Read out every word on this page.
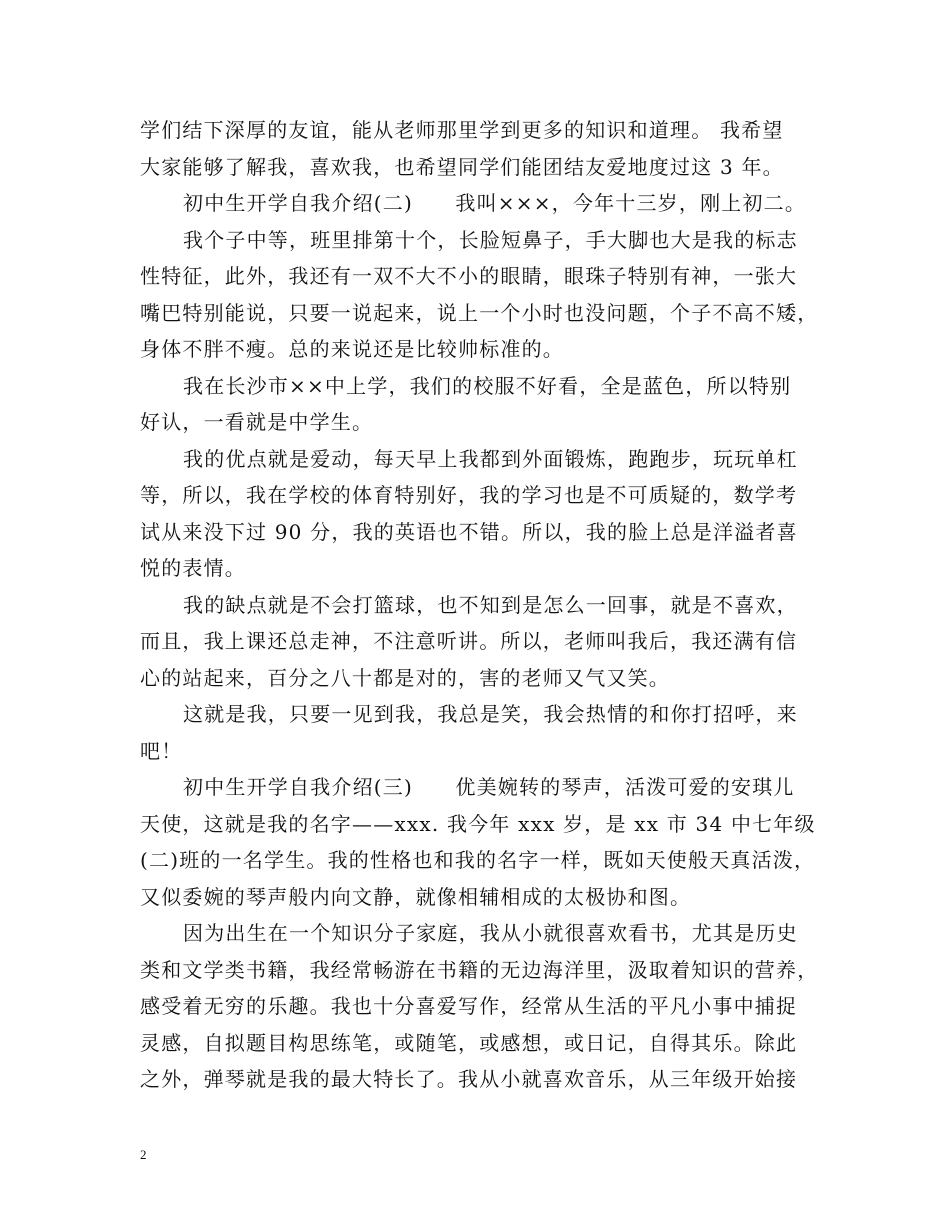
学们结下深厚的友谊，能从老师那里学到更多的知识和道理。 我希望
大家能够了解我，喜欢我，也希望同学们能团结友爱地度过这 3 年。
初中生开学自我介绍(二)　　我叫×××，今年十三岁，刚上初二。
我个子中等，班里排第十个，长脸短鼻子，手大脚也大是我的标志
性特征，此外，我还有一双不大不小的眼睛，眼珠子特别有神，一张大
嘴巴特别能说，只要一说起来，说上一个小时也没问题，个子不高不矮，
身体不胖不瘦。总的来说还是比较帅标准的。
我在长沙市××中上学，我们的校服不好看，全是蓝色，所以特别
好认，一看就是中学生。
我的优点就是爱动，每天早上我都到外面锻炼，跑跑步，玩玩单杠
等，所以，我在学校的体育特别好，我的学习也是不可质疑的，数学考
试从来没下过 90 分，我的英语也不错。所以，我的脸上总是洋溢者喜
悦的表情。
我的缺点就是不会打篮球，也不知到是怎么一回事，就是不喜欢，
而且，我上课还总走神，不注意听讲。所以，老师叫我后，我还满有信
心的站起来，百分之八十都是对的，害的老师又气又笑。
这就是我，只要一见到我，我总是笑，我会热情的和你打招呼，来
吧！
初中生开学自我介绍(三)　　优美婉转的琴声，活泼可爱的安琪儿
天使，这就是我的名字——xxx. 我今年 xxx 岁，是 xx 市 34 中七年级
(二)班的一名学生。我的性格也和我的名字一样，既如天使般天真活泼，
又似委婉的琴声般内向文静，就像相辅相成的太极协和图。
因为出生在一个知识分子家庭，我从小就很喜欢看书，尤其是历史
类和文学类书籍，我经常畅游在书籍的无边海洋里，汲取着知识的营养，
感受着无穷的乐趣。我也十分喜爱写作，经常从生活的平凡小事中捕捉
灵感，自拟题目构思练笔，或随笔，或感想，或日记，自得其乐。除此
之外，弹琴就是我的最大特长了。我从小就喜欢音乐，从三年级开始接
2
